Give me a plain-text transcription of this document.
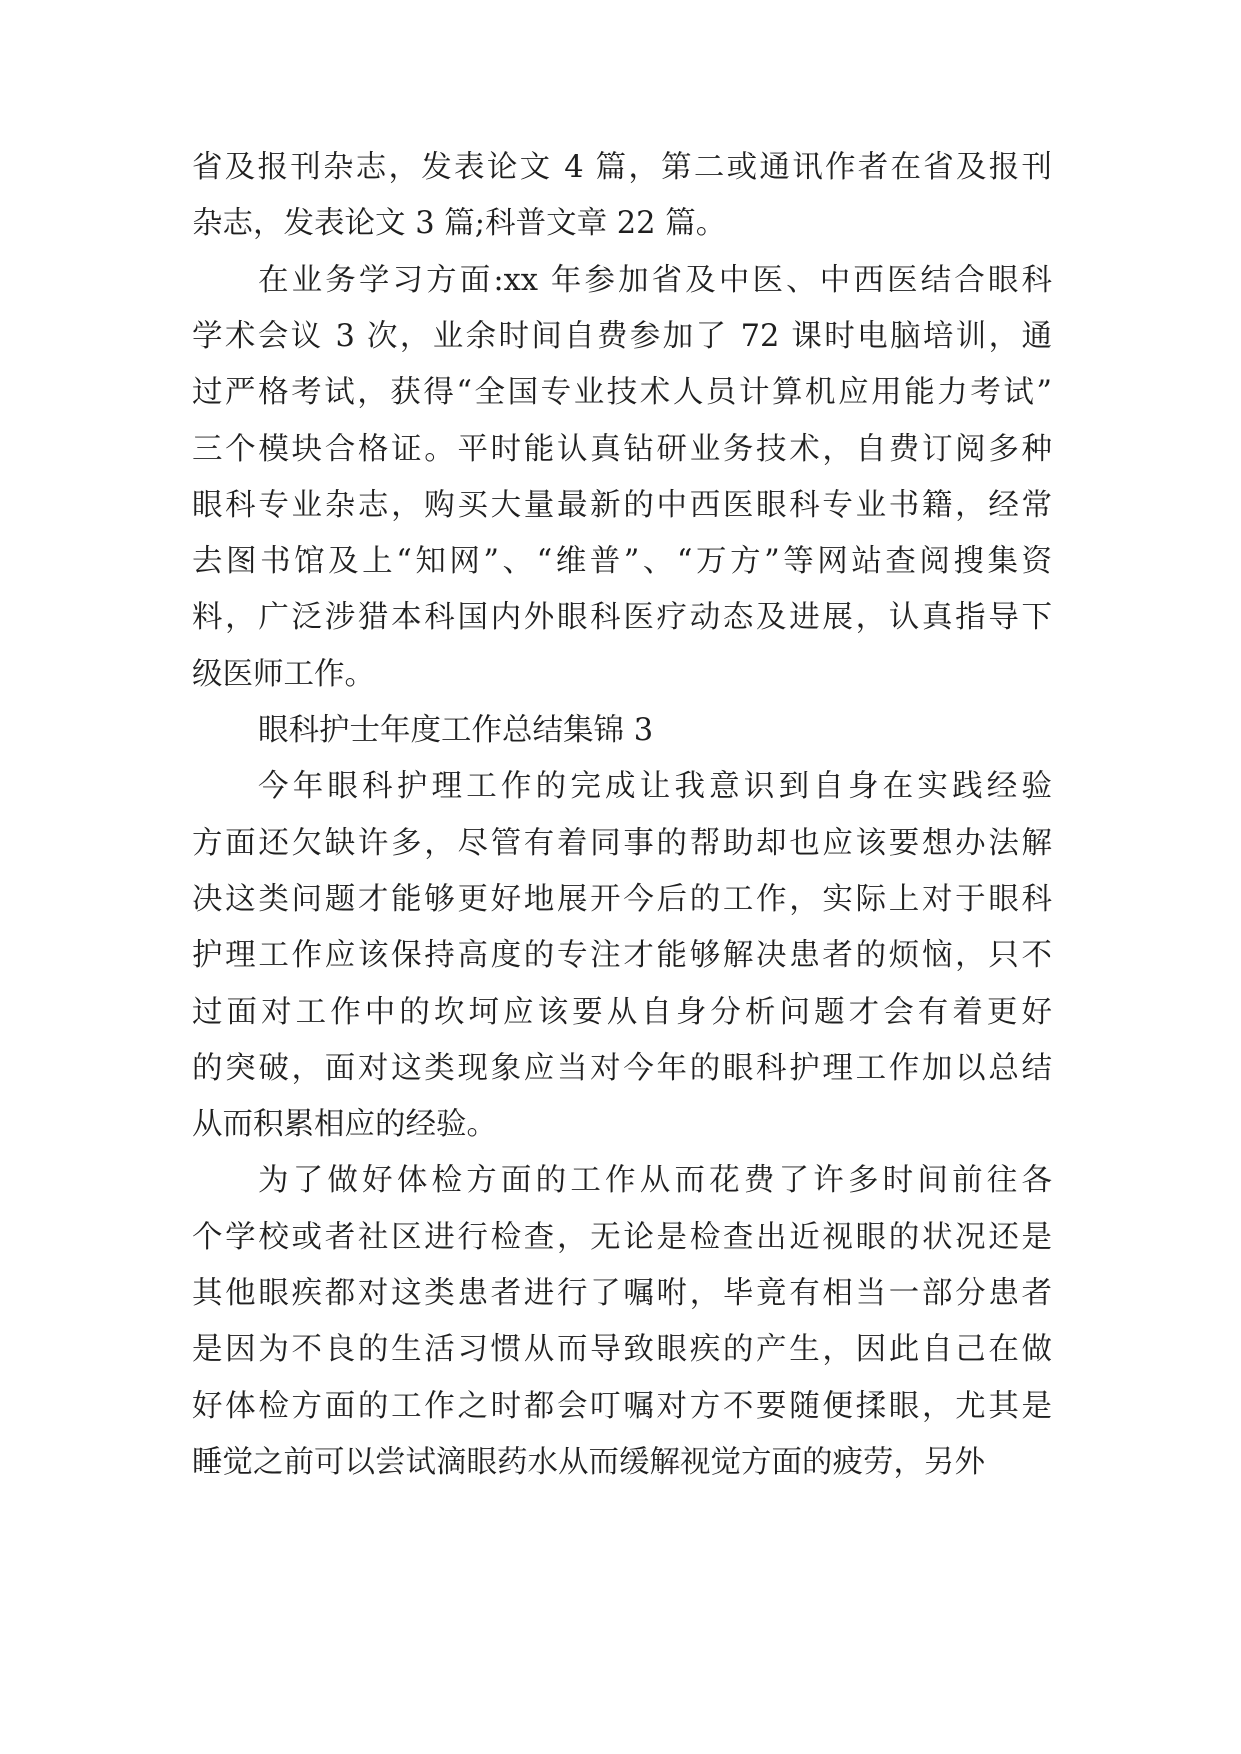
省及报刊杂志，发表论文 4 篇，第二或通讯作者在省及报刊
杂志，发表论文 3 篇;科普文章 22 篇。
在业务学习方面:xx 年参加省及中医、中西医结合眼科
学术会议 3 次，业余时间自费参加了 72 课时电脑培训，通
过严格考试，获得“全国专业技术人员计算机应用能力考试”
三个模块合格证。平时能认真钻研业务技术，自费订阅多种
眼科专业杂志，购买大量最新的中西医眼科专业书籍，经常
去图书馆及上“知网”、“维普”、“万方”等网站查阅搜集资
料，广泛涉猎本科国内外眼科医疗动态及进展，认真指导下
级医师工作。
眼科护士年度工作总结集锦 3
今年眼科护理工作的完成让我意识到自身在实践经验
方面还欠缺许多，尽管有着同事的帮助却也应该要想办法解
决这类问题才能够更好地展开今后的工作，实际上对于眼科
护理工作应该保持高度的专注才能够解决患者的烦恼，只不
过面对工作中的坎坷应该要从自身分析问题才会有着更好
的突破，面对这类现象应当对今年的眼科护理工作加以总结
从而积累相应的经验。
为了做好体检方面的工作从而花费了许多时间前往各
个学校或者社区进行检查，无论是检查出近视眼的状况还是
其他眼疾都对这类患者进行了嘱咐，毕竟有相当一部分患者
是因为不良的生活习惯从而导致眼疾的产生，因此自己在做
好体检方面的工作之时都会叮嘱对方不要随便揉眼，尤其是
睡觉之前可以尝试滴眼药水从而缓解视觉方面的疲劳，另外
